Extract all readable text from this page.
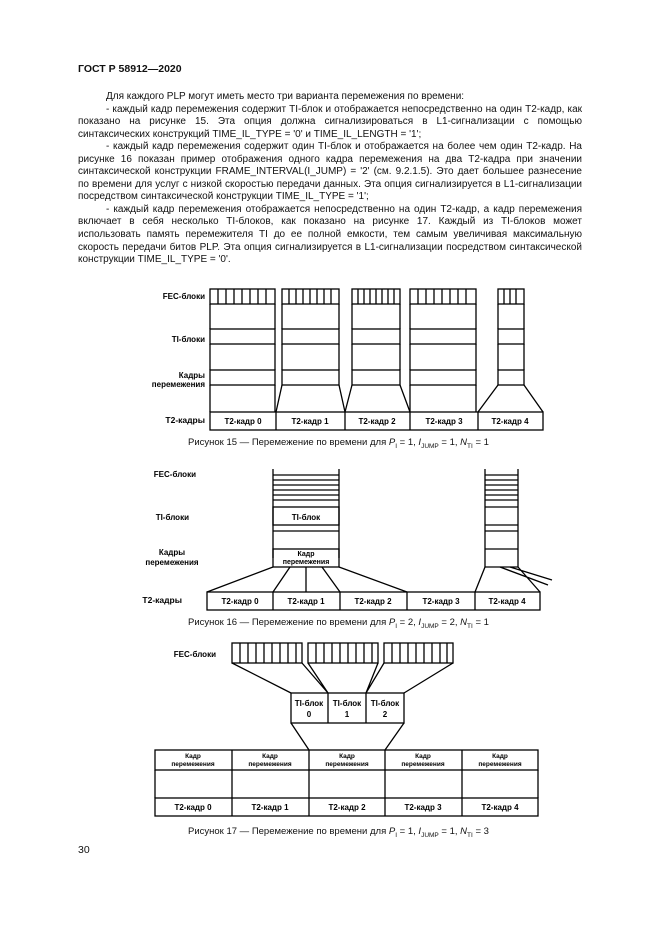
ГОСТ Р 58912—2020

Для каждого PLP могут иметь место три варианта перемежения по времени:

- каждый кадр перемежения содержит TI-блок и отображается непосредственно на один T2-кадр, как показано на рисунке 15. Эта опция должна сигнализироваться в L1-сигнализации с помощью синтаксических конструкций TIME_IL_TYPE = '0' и TIME_IL_LENGTH = '1';

- каждый кадр перемежения содержит один TI-блок и отображается на более чем один T2-кадр. На рисунке 16 показан пример отображения одного кадра перемежения на два T2-кадра при значении синтаксической конструкции FRAME_INTERVAL(I_JUMP) = '2' (см. 9.2.1.5). Это дает большее разнесение по времени для услуг с низкой скоростью передачи данных. Эта опция сигнализируется в L1-сигнализации посредством синтаксической конструкции TIME_IL_TYPE = '1';

- каждый кадр перемежения отображается непосредственно на один T2-кадр, а кадр перемежения включает в себя несколько TI-блоков, как показано на рисунке 17. Каждый из TI-блоков может использовать память перемежителя TI до ее полной емкости, тем самым увеличивая максимальную скорость передачи битов PLP. Эта опция сигнализируется в L1-сигнализации посредством синтаксической конструкции TIME_IL_TYPE = '0'.

FEC-блоки
TI-блоки
Кадры
перемежения
T2-кадры T2-кадр 0	T2-кадр 1	T2-кадр 2	T2-кадр 3	T2-кадр 4
FEC-блоки
TI-блоки
Кадры
перемежения
T2-кадры
TI-блок
Кадр
перемежения
T2-кадр 0	T2-кадр 1	T2-кадр 2	T2-кадр 3	T2-кадр 4
FEC-блоки
TI-блок
0
TI-блок
1
TI-блок
2
Кадр
перемежения
Кадр
перемежения
Кадр
перемежения
Кадр
перемежения
Кадр
перемежения
T2-кадр 0	T2-кадр 1	T2-кадр 2	T2-кадр 3	T2-кадр 4
Рисунок 15 — Перемежение по времени для $P_I = 1$, $I_{JUMP} = 1$, $N_{TI} = 1$
Рисунок 16 — Перемежение по времени для $P_I = 2$, $I_{JUMP} = 2$, $N_{TI} = 1$
Рисунок 17 — Перемежение по времени для $P_I = 1$, $I_{JUMP} = 1$, $N_{TI} = 3$
30
